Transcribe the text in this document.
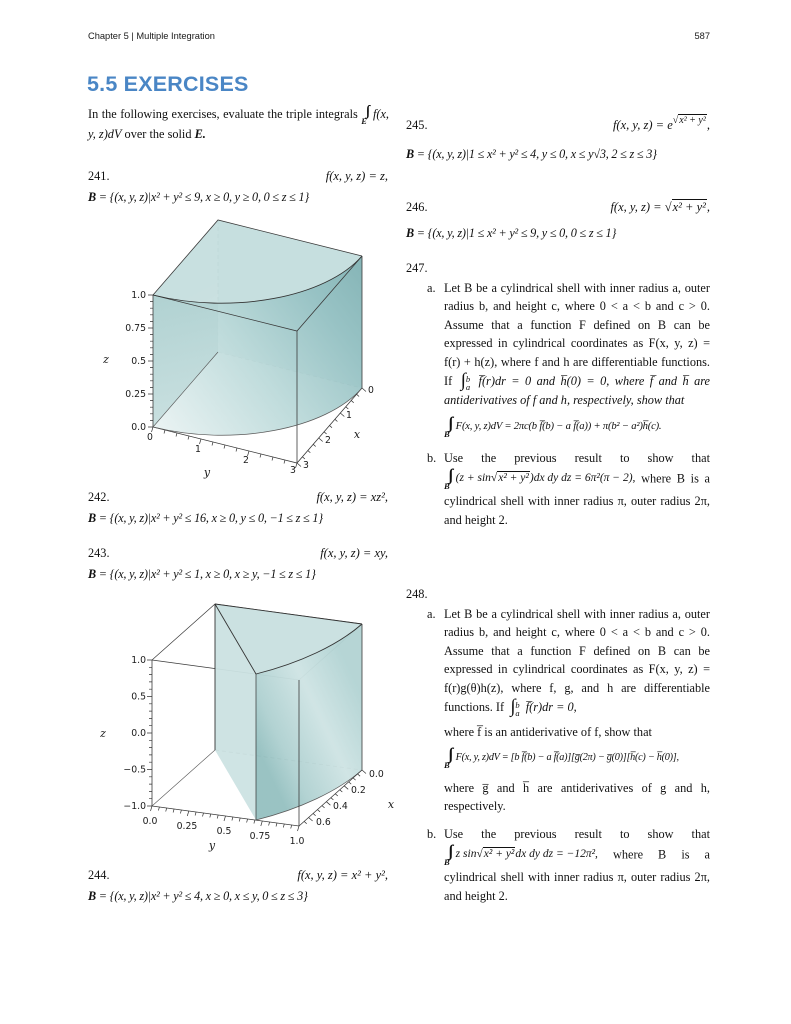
Chapter 5 | Multiple Integration	587
5.5 EXERCISES
In the following exercises, evaluate the triple integrals ∫∫∫
E
f(x, y, z)dV over the solid E.
241.	f(x, y, z) = z,
B = {(x, y, z)|x² + y² ≤ 9, x ≥ 0, y ≥ 0, 0 ≤ z ≤ 1}
0.0
0.25
0.5
0.75
1.0
0
1
2
3
0
1
2
3
z
y
x
242.	f(x, y, z) = xz²,
B = {(x, y, z)|x² + y² ≤ 16, x ≥ 0, y ≤ 0, −1 ≤ z ≤ 1}
243.	f(x, y, z) = xy,
B = {(x, y, z)|x² + y² ≤ 1, x ≥ 0, x ≥ y, −1 ≤ z ≤ 1}
−1.0
−0.5
0.0
0.5
1.0
0.0 0.25 0.5 0.75 1.0
0.0
0.2
0.4
0.6
z
y
x
244.	f(x, y, z) = x² + y²,
B = {(x, y, z)|x² + y² ≤ 4, x ≥ 0, x ≤ y, 0 ≤ z ≤ 3}
245.	f(x, y, z) = e√x² + y²,
B = {(x, y, z)|1 ≤ x² + y² ≤ 4, y ≤ 0, x ≤ y√3, 2 ≤ z ≤ 3}
246.	f(x, y, z) = √x² + y²,
B = {(x, y, z)|1 ≤ x² + y² ≤ 9, y ≤ 0, 0 ≤ z ≤ 1}
247.
a. Let B be a cylindrical shell with inner radius a, outer radius b, and height c, where 0 < a < b and c > 0. Assume that a function F defined on B can be expressed in cylindrical coordinates as F(x, y, z) = f(r) + h(z), where f and h are differentiable functions. If ∫ b
a f̅(r)dr = 0 and h̅(0) = 0, where f̅ and h̅ are antiderivatives of f and h, respectively, show that
∫∫∫
B
F(x, y, z)dV = 2πc(b f̅(b) − a f̅(a)) + π(b² − a²)h̅(c).
b. Use the previous result to show that
∫∫∫
B
(z + sin√x² + y²)dx dy dz = 6π²(π − 2), where B is a cylindrical shell with inner radius π, outer radius 2π, and height 2.
248.
a. Let B be a cylindrical shell with inner radius a, outer radius b, and height c, where 0 < a < b and c > 0. Assume that a function F defined on B can be expressed in cylindrical coordinates as F(x, y, z) = f(r)g(θ)h(z), where f, g, and h are differentiable functions. If ∫ b
a f̅(r)dr = 0,
where f̅ is an antiderivative of f, show that
∫∫∫
B
F(x, y, z)dV = [b f̅(b) − a f̅(a)][g̅(2π) − g̅(0)][h̅(c) − h̅(0)],
where g̅ and h̅ are antiderivatives of g and h, respectively.
b. Use the previous result to show that
∫∫∫
B
z sin√x² + y²dx dy dz = −12π², where B is a cylindrical shell with inner radius π, outer radius 2π, and height 2.
